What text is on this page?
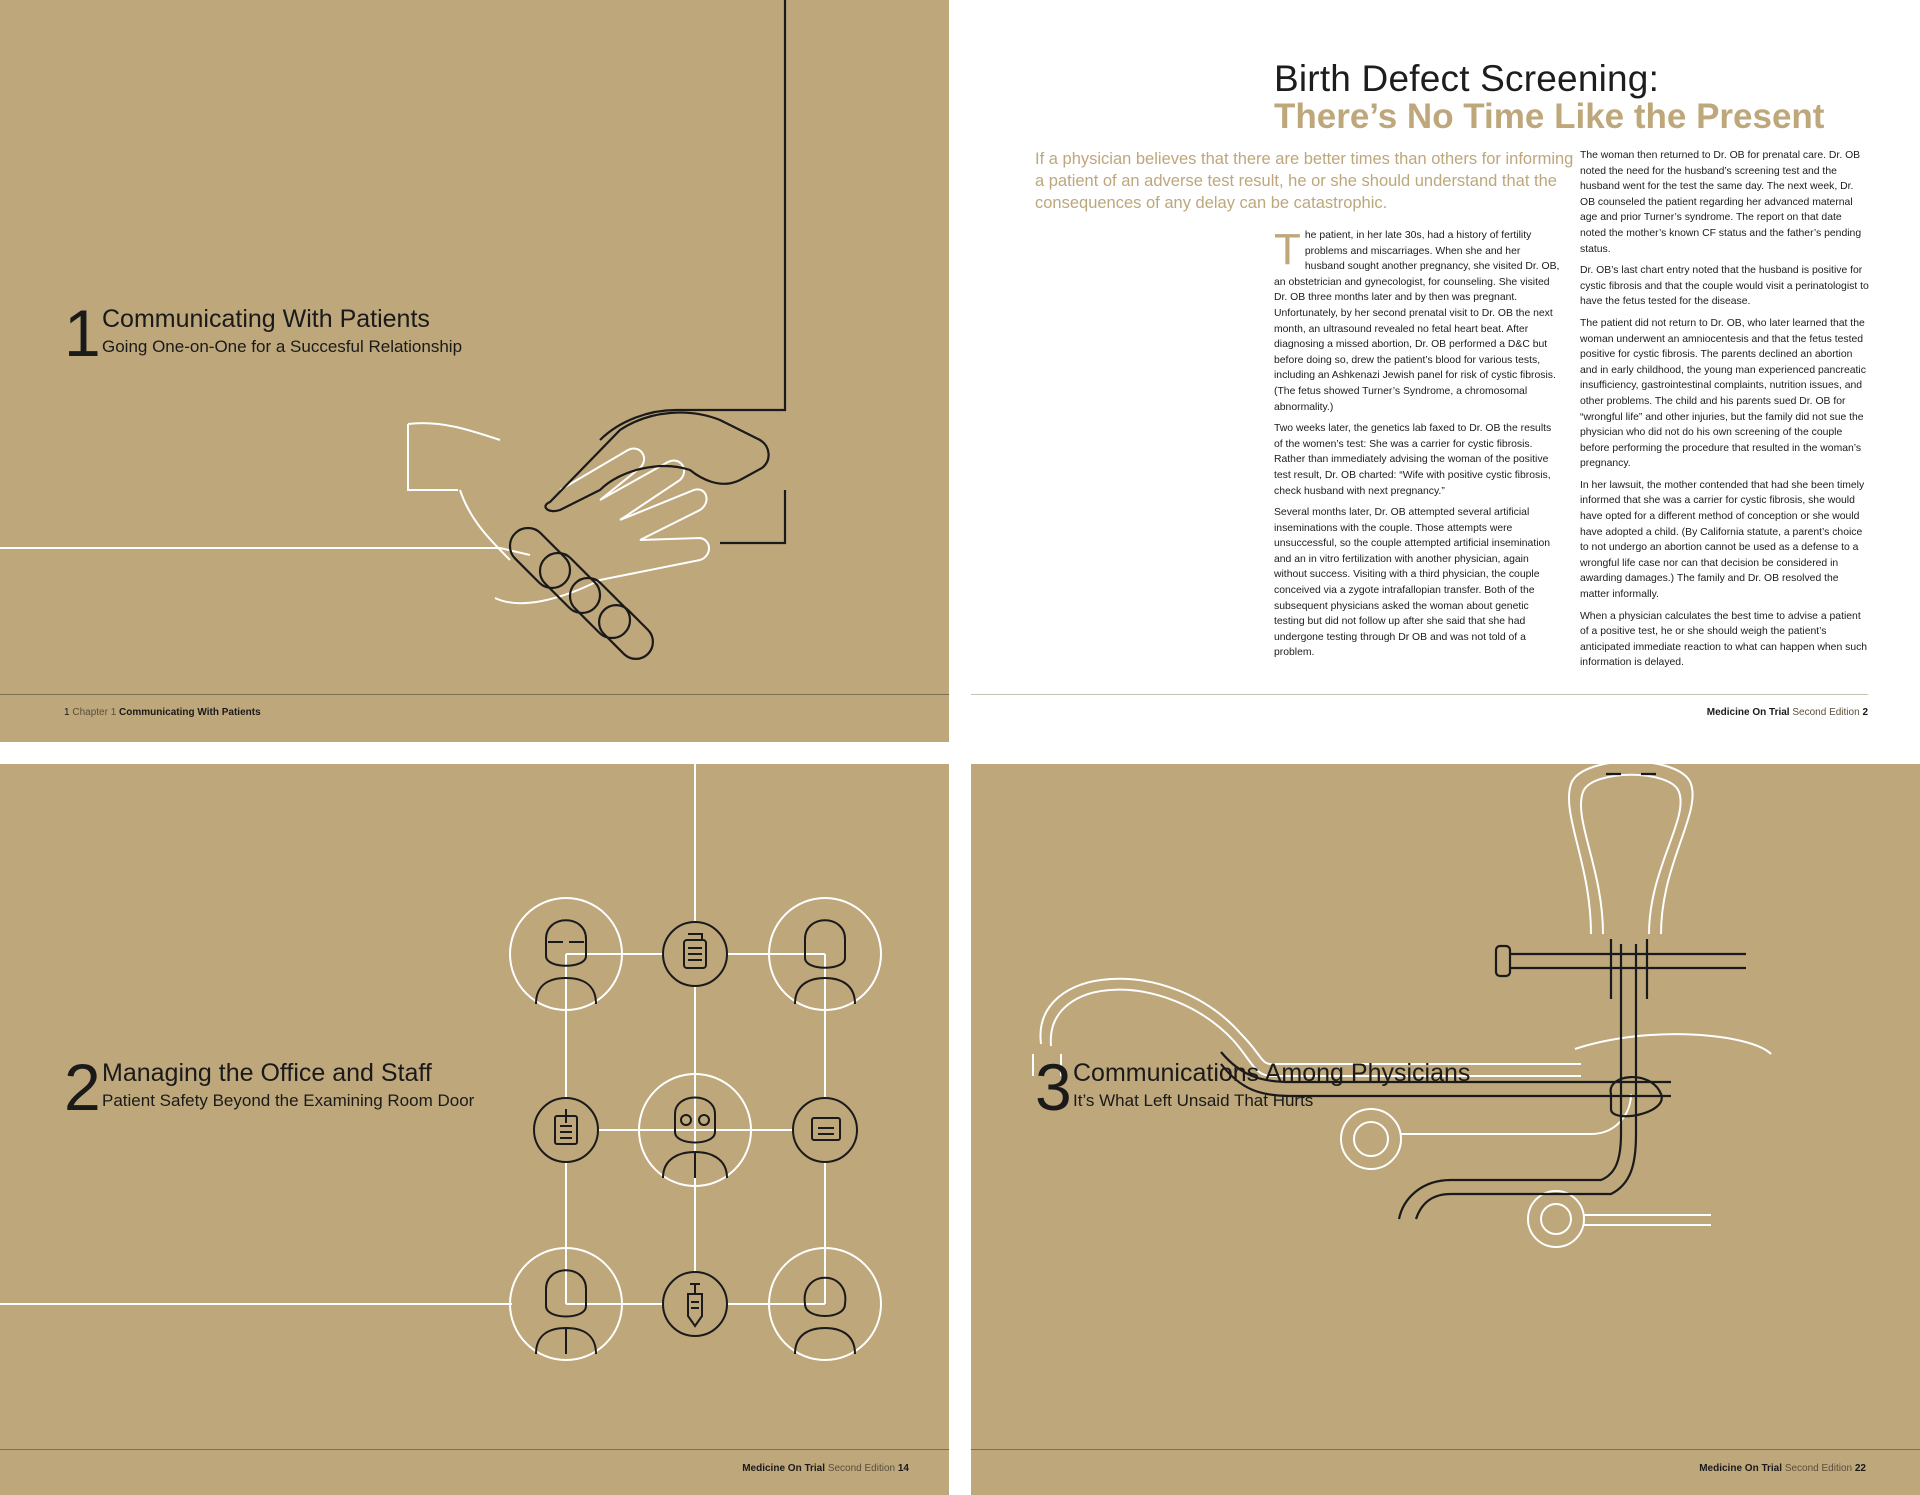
1 Communicating With Patients
Going One-on-One for a Succesful Relationship
1 Chapter 1 Communicating With Patients
Birth Defect Screening:
There’s No Time Like the Present
If a physician believes that there are better times than others for informing a patient of an adverse test result, he or she should understand that the consequences of any delay can be catastrophic.

The patient, in her late 30s, had a history of fertility problems and miscarriages. When she and her husband sought another pregnancy, she visited Dr. OB, an obstetrician and gynecologist, for counseling. She visited Dr. OB three months later and by then was pregnant. Unfortunately, by her second prenatal visit to Dr. OB the next month, an ultrasound revealed no fetal heart beat. After diagnosing a missed abortion, Dr. OB performed a D&C but before doing so, drew the patient’s blood for various tests, including an Ashkenazi Jewish panel for risk of cystic fibrosis. (The fetus showed Turner’s Syndrome, a chromosomal abnormality.)

Two weeks later, the genetics lab faxed to Dr. OB the results of the women’s test: She was a carrier for cystic fibrosis. Rather than immediately advising the woman of the positive test result, Dr. OB charted: “Wife with positive cystic fibrosis, check husband with next pregnancy.”

Several months later, Dr. OB attempted several artificial inseminations with the couple. Those attempts were unsuccessful, so the couple attempted artificial insemination and an in vitro fertilization with another physician, again without success. Visiting with a third physician, the couple conceived via a zygote intrafallopian transfer. Both of the subsequent physicians asked the woman about genetic testing but did not follow up after she said that she had undergone testing through Dr OB and was not told of a problem.

The woman then returned to Dr. OB for prenatal care. Dr. OB noted the need for the husband’s screening test and the husband went for the test the same day. The next week, Dr. OB counseled the patient regarding her advanced maternal age and prior Turner’s syndrome. The report on that date noted the mother’s known CF status and the father’s pending status.

Dr. OB’s last chart entry noted that the husband is positive for cystic fibrosis and that the couple would visit a perinatologist to have the fetus tested for the disease.

The patient did not return to Dr. OB, who later learned that the woman underwent an amniocentesis and that the fetus tested positive for cystic fibrosis. The parents declined an abortion and in early childhood, the young man experienced pancreatic insufficiency, gastrointestinal complaints, nutrition issues, and other problems. The child and his parents sued Dr. OB for “wrongful life” and other injuries, but the family did not sue the physician who did not do his own screening of the couple before performing the procedure that resulted in the woman’s pregnancy.

In her lawsuit, the mother contended that had she been timely informed that she was a carrier for cystic fibrosis, she would have opted for a different method of conception or she would have adopted a child. (By California statute, a parent’s choice to not undergo an abortion cannot be used as a defense to a wrongful life case nor can that decision be considered in awarding damages.) The family and Dr. OB resolved the matter informally.

When a physician calculates the best time to advise a patient of a positive test, he or she should weigh the patient’s anticipated immediate reaction to what can happen when such information is delayed.

Medicine On Trial Second Edition 2
2 Managing the Office and Staff
Patient Safety Beyond the Examining Room Door
Medicine On Trial Second Edition 14
3 Communications Among Physicians
It’s What Left Unsaid That Hurts
Medicine On Trial Second Edition 22
